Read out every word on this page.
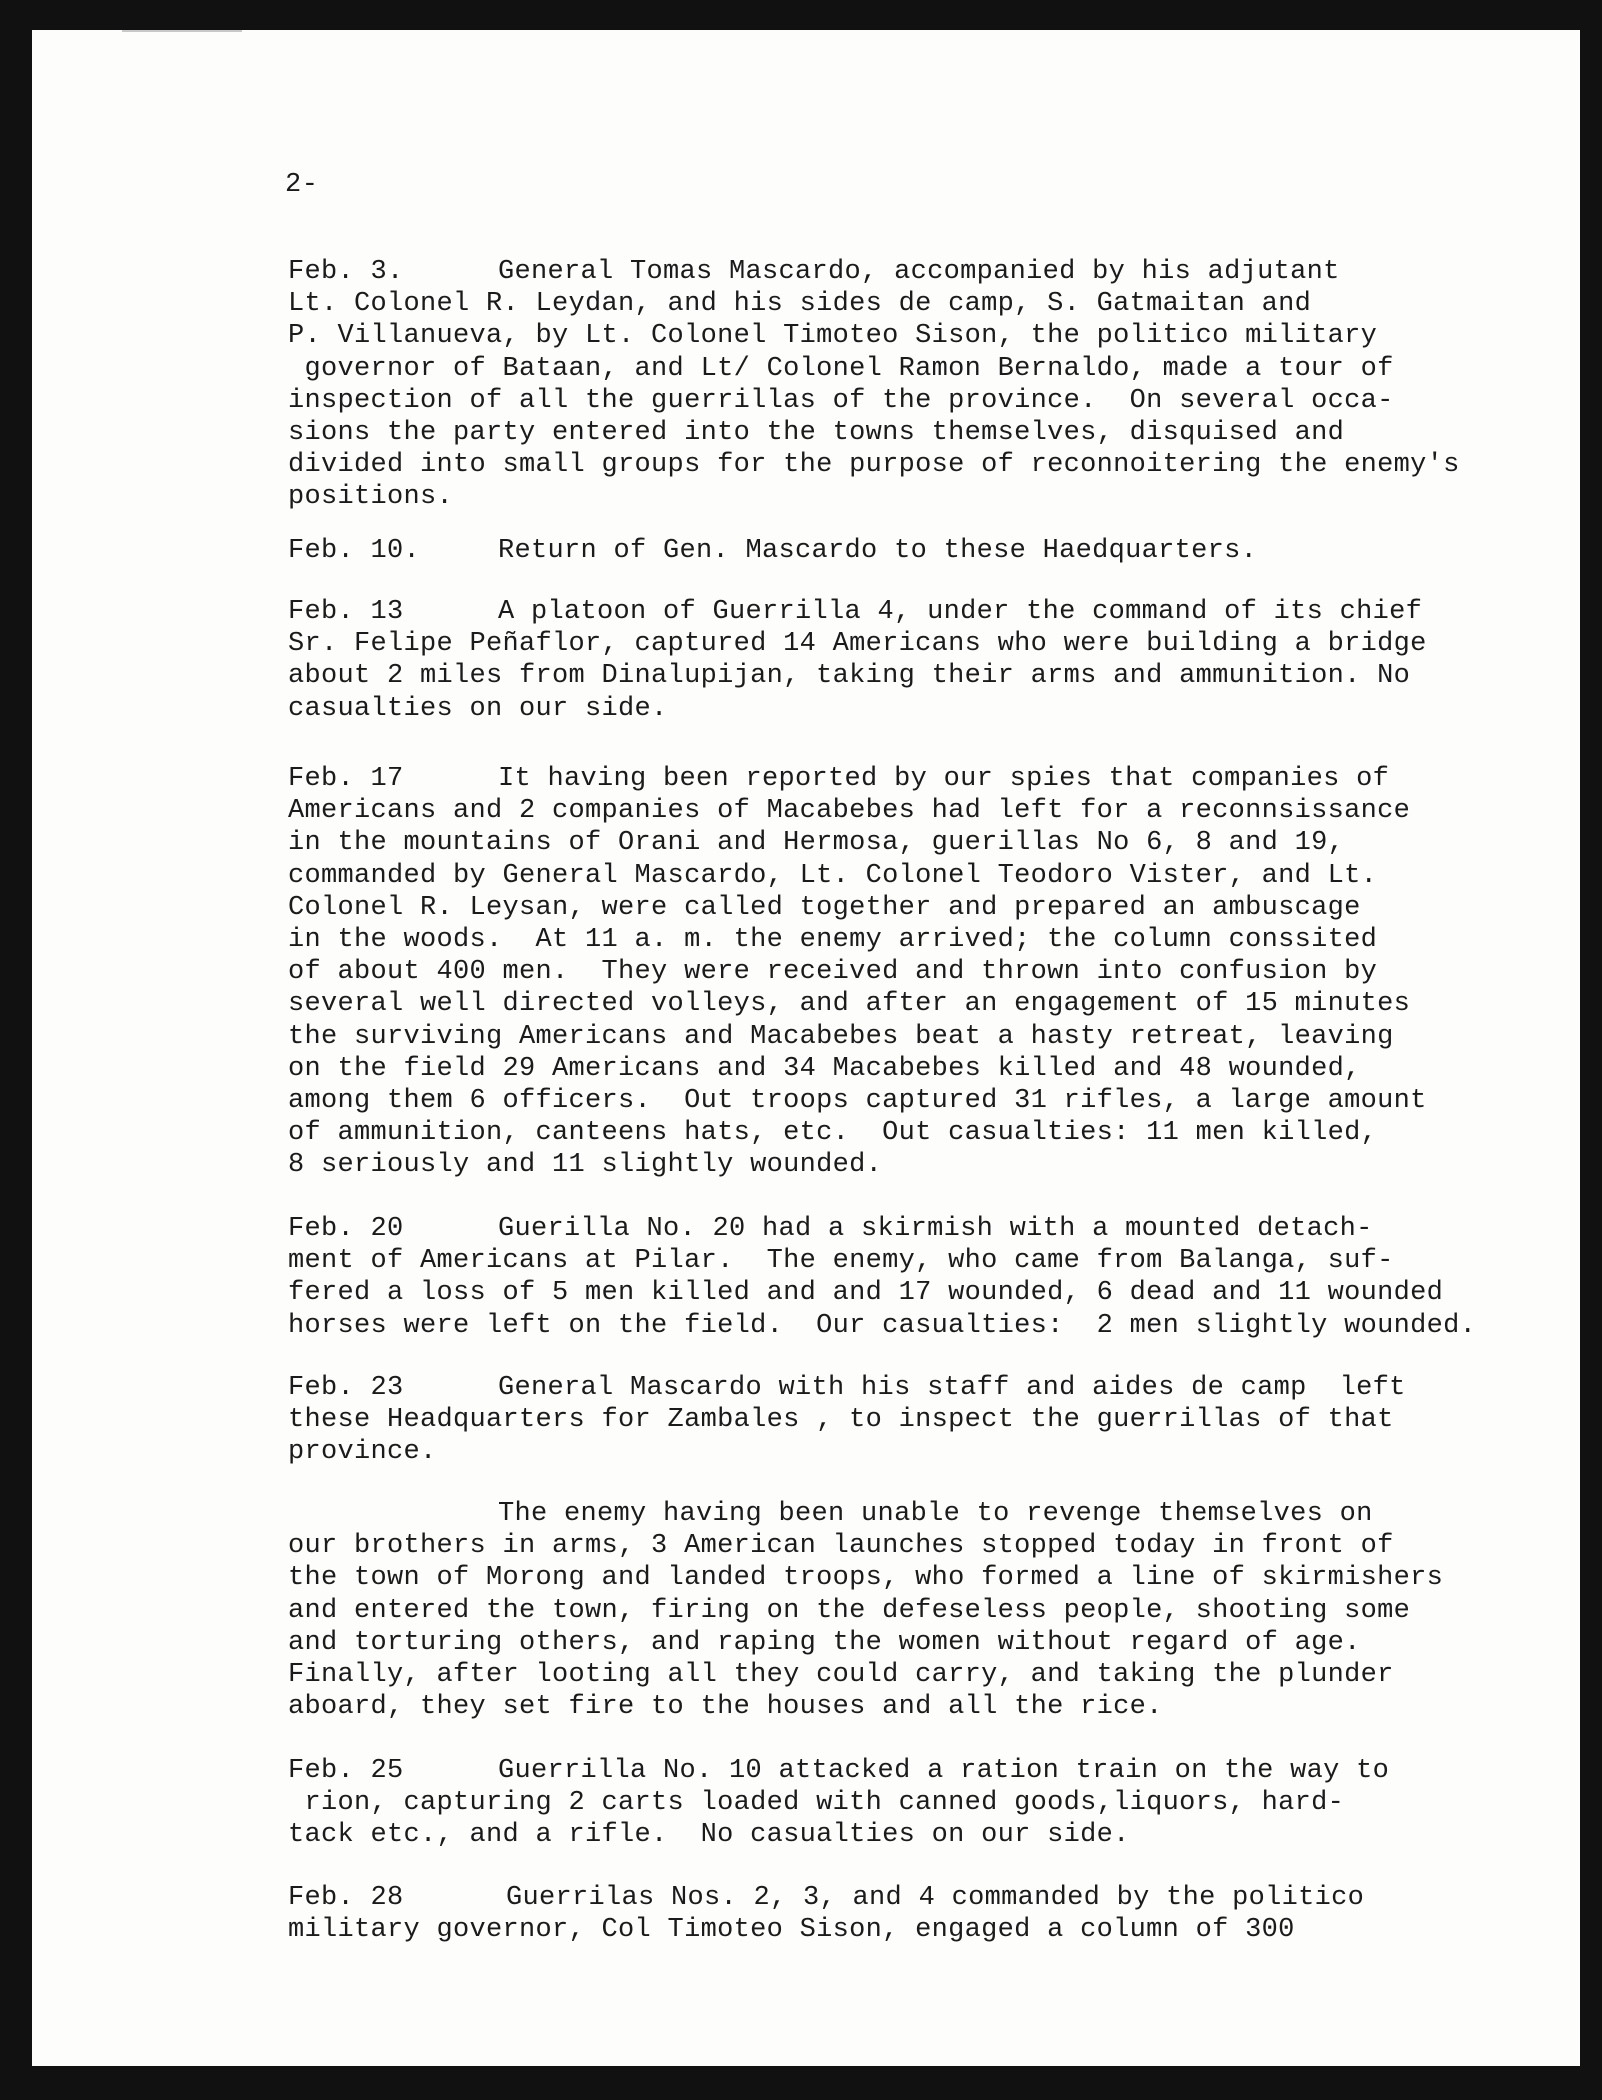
2-
Feb. 3.	General Tomas Mascardo, accompanied by his adjutant
Lt. Colonel R. Leydan, and his sides de camp, S. Gatmaitan and
P. Villanueva, by Lt. Colonel Timoteo Sison, the politico military
governor of Bataan, and Lt/ Colonel Ramon Bernaldo, made a tour of
inspection of all the guerrillas of the province.  On several occa-
sions the party entered into the towns themselves, disquised and
divided into small groups for the purpose of reconnoitering the enemy's
positions.
Feb. 10.	Return of Gen. Mascardo to these Haedquarters.
Feb. 13	A platoon of Guerrilla 4, under the command of its chief
Sr. Felipe Peñaflor, captured 14 Americans who were building a bridge
about 2 miles from Dinalupijan, taking their arms and ammunition. No
casualties on our side.
Feb. 17	It having been reported by our spies that companies of
Americans and 2 companies of Macabebes had left for a reconnsissance
in the mountains of Orani and Hermosa, guerillas No 6, 8 and 19,
commanded by General Mascardo, Lt. Colonel Teodoro Vister, and Lt.
Colonel R. Leysan, were called together and prepared an ambuscage
in the woods.  At 11 a. m. the enemy arrived; the column conssited
of about 400 men.  They were received and thrown into confusion by
several well directed volleys, and after an engagement of 15 minutes
the surviving Americans and Macabebes beat a hasty retreat, leaving
on the field 29 Americans and 34 Macabebes killed and 48 wounded,
among them 6 officers.  Out troops captured 31 rifles, a large amount
of ammunition, canteens hats, etc.  Out casualties: 11 men killed,
8 seriously and 11 slightly wounded.
Feb. 20	Guerilla No. 20 had a skirmish with a mounted detach-
ment of Americans at Pilar.  The enemy, who came from Balanga, suf-
fered a loss of 5 men killed and and 17 wounded, 6 dead and 11 wounded
horses were left on the field.  Our casualties:  2 men slightly wounded.
Feb. 23	General Mascardo with his staff and aides de camp  left
these Headquarters for Zambales , to inspect the guerrillas of that
province.
The enemy having been unable to revenge themselves on
our brothers in arms, 3 American launches stopped today in front of
the town of Morong and landed troops, who formed a line of skirmishers
and entered the town, firing on the defeseless people, shooting some
and torturing others, and raping the women without regard of age.
Finally, after looting all they could carry, and taking the plunder
aboard, they set fire to the houses and all the rice.
Feb. 25	Guerrilla No. 10 attacked a ration train on the way to
rion, capturing 2 carts loaded with canned goods,liquors, hard-
tack etc., and a rifle.  No casualties on our side.
Feb. 28	Guerrilas Nos. 2, 3, and 4 commanded by the politico
military governor, Col Timoteo Sison, engaged a column of 300
